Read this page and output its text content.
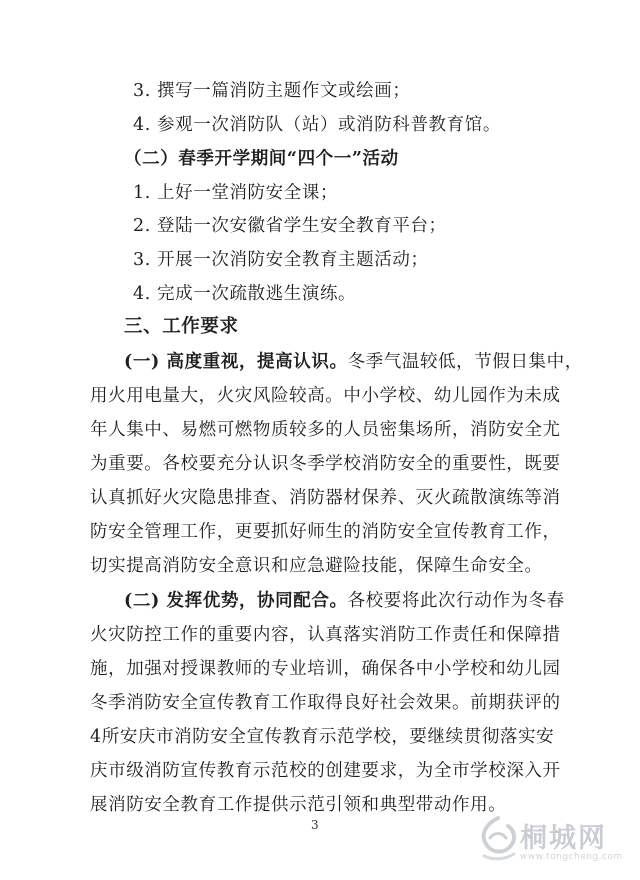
3. 撰写一篇消防主题作文或绘画；
4. 参观一次消防队（站）或消防科普教育馆。
（二）春季开学期间“四个一”活动
1. 上好一堂消防安全课；
2. 登陆一次安徽省学生安全教育平台；
3. 开展一次消防安全教育主题活动；
4. 完成一次疏散逃生演练。
三、工作要求
(一) 高度重视，提高认识。冬季气温较低，节假日集中，
用火用电量大，火灾风险较高。中小学校、幼儿园作为未成
年人集中、易燃可燃物质较多的人员密集场所，消防安全尤
为重要。各校要充分认识冬季学校消防安全的重要性，既要
认真抓好火灾隐患排查、消防器材保养、灭火疏散演练等消
防安全管理工作，更要抓好师生的消防安全宣传教育工作，
切实提高消防安全意识和应急避险技能，保障生命安全。
(二) 发挥优势，协同配合。各校要将此次行动作为冬春
火灾防控工作的重要内容，认真落实消防工作责任和保障措
施，加强对授课教师的专业培训，确保各中小学校和幼儿园
冬季消防安全宣传教育工作取得良好社会效果。前期获评的
4所安庆市消防安全宣传教育示范学校，要继续贯彻落实安
庆市级消防宣传教育示范校的创建要求，为全市学校深入开
展消防安全教育工作提供示范引领和典型带动作用。
3	桐城网
www.tongcheng.com
